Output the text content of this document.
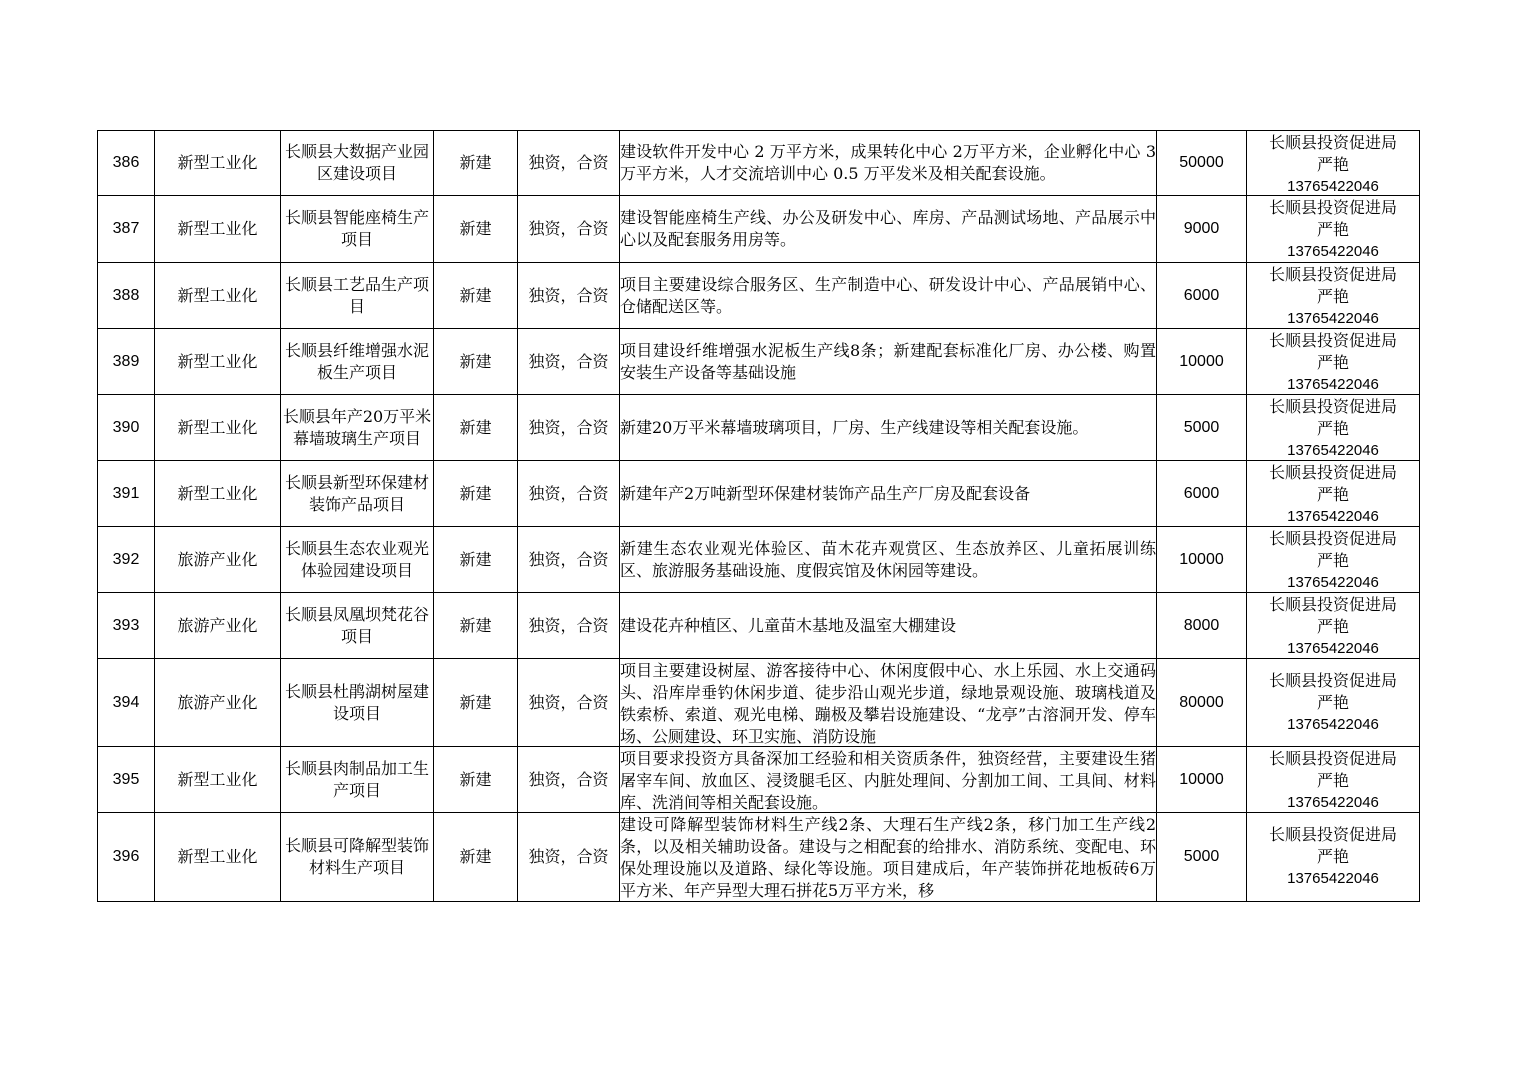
386	新型工业化	长顺县大数据产业园区建设项目	新建	独资，合资	建设软件开发中心 2 万平方米，成果转化中心 2万平方米，企业孵化中心 3 万平方米，人才交流培训中心 0.5 万平发米及相关配套设施。	50000	长顺县投资促进局
严艳
13765422046

387	新型工业化	长顺县智能座椅生产项目	新建	独资，合资	建设智能座椅生产线、办公及研发中心、库房、产品测试场地、产品展示中心以及配套服务用房等。	9000	长顺县投资促进局
严艳
13765422046

388	新型工业化	长顺县工艺品生产项目	新建	独资，合资	项目主要建设综合服务区、生产制造中心、研发设计中心、产品展销中心、仓储配送区等。	6000	长顺县投资促进局
严艳
13765422046

389	新型工业化	长顺县纤维增强水泥板生产项目	新建	独资，合资	项目建设纤维增强水泥板生产线8条；新建配套标准化厂房、办公楼、购置安装生产设备等基础设施	10000	长顺县投资促进局
严艳
13765422046

390	新型工业化	长顺县年产20万平米幕墙玻璃生产项目	新建	独资，合资	新建20万平米幕墙玻璃项目，厂房、生产线建设等相关配套设施。	5000	长顺县投资促进局
严艳
13765422046

391	新型工业化	长顺县新型环保建材装饰产品项目	新建	独资，合资	新建年产2万吨新型环保建材装饰产品生产厂房及配套设备	6000	长顺县投资促进局
严艳
13765422046

392	旅游产业化	长顺县生态农业观光体验园建设项目	新建	独资，合资	新建生态农业观光体验区、苗木花卉观赏区、生态放养区、儿童拓展训练区、旅游服务基础设施、度假宾馆及休闲园等建设。	10000	长顺县投资促进局
严艳
13765422046

393	旅游产业化	长顺县凤凰坝梵花谷项目	新建	独资，合资	建设花卉种植区、儿童苗木基地及温室大棚建设	8000	长顺县投资促进局
严艳
13765422046

394	旅游产业化	长顺县杜鹃湖树屋建设项目	新建	独资，合资	项目主要建设树屋、游客接待中心、休闲度假中心、水上乐园、水上交通码头、沿库岸垂钓休闲步道、徒步沿山观光步道，绿地景观设施、玻璃栈道及铁索桥、索道、观光电梯、蹦极及攀岩设施建设、“龙亭”古溶洞开发、停车场、公厕建设、环卫实施、消防设施	80000	长顺县投资促进局
严艳
13765422046

395	新型工业化	长顺县肉制品加工生产项目	新建	独资，合资	项目要求投资方具备深加工经验和相关资质条件，独资经营，主要建设生猪屠宰车间、放血区、浸烫腿毛区、内脏处理间、分割加工间、工具间、材料库、洗消间等相关配套设施。	10000	长顺县投资促进局
严艳
13765422046

396	新型工业化	长顺县可降解型装饰材料生产项目	新建	独资，合资	建设可降解型装饰材料生产线2条、大理石生产线2条，移门加工生产线2条，以及相关辅助设备。建设与之相配套的给排水、消防系统、变配电、环保处理设施以及道路、绿化等设施。项目建成后，年产装饰拼花地板砖6万平方米、年产异型大理石拼花5万平方米，移	5000	长顺县投资促进局
严艳
13765422046
